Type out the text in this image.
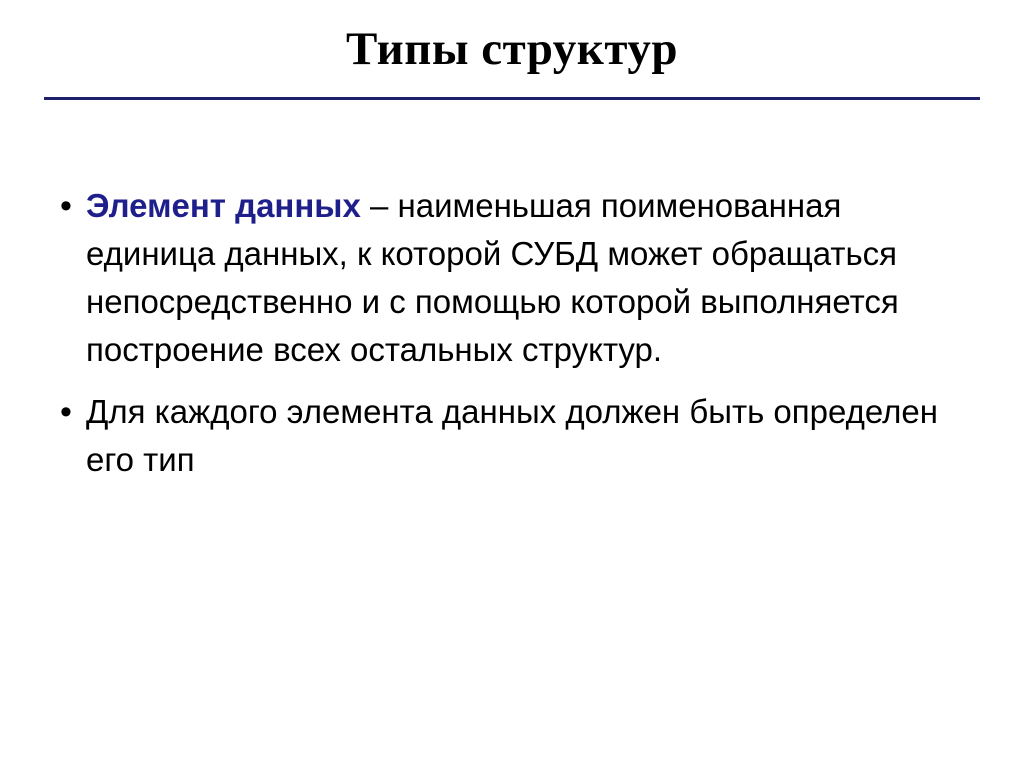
Типы структур
• Элемент данных – наименьшая поименованная единица данных, к которой СУБД может обращаться непосредственно и с помощью которой выполняется построение всех остальных структур.
• Для каждого элемента данных должен быть определен его тип
